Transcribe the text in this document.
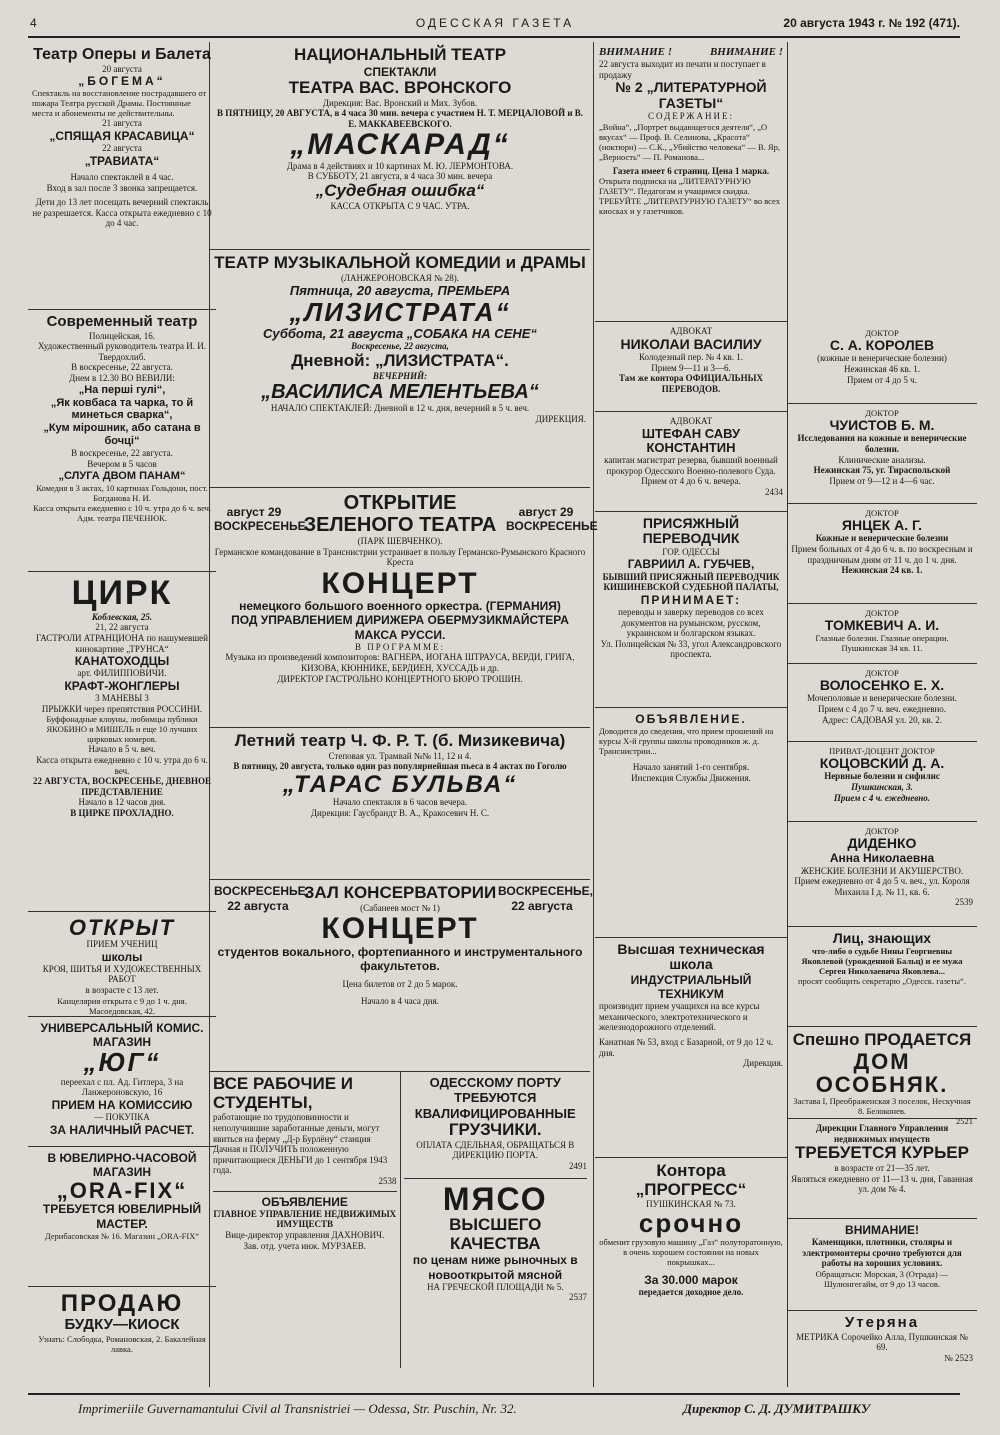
4	ОДЕССКАЯ ГАЗЕТА	20 августа 1943 г. № 192 (471).
Театр Оперы и Балета
20 августа
„БОГЕМА“
Спектакль на восстановление пострадавшего от пожара Театра русской Драмы. Постоянные места и абонементы не действительны.
21 августа
„СПЯЩАЯ КРАСАВИЦА“
22 августа
„ТРАВИАТА“
Начало спектаклей в 4 час.
Вход в зал после 3 звонка запрещается.
Дети до 13 лет посещать вечерний спектакль не разрешается. Касса открыта ежедневно с 10 до 4 час.
Современный театр
Полицейская, 16.
Художественный руководитель театра И. И. Твердохлиб.
В воскресенье, 22 августа.
Днем в 12.30 ВО ВЕВИЛИ:
„На перші гулі“,
„Як ковбаса та чарка, то й минеться сварка“,
„Кум мірошник, або сатана в бочці“
В воскресенье, 22 августа.
Вечером в 5 часов
„СЛУГА ДВОМ ПАНАМ“
Комедия в 3 актах, 10 картинах Гольдони, пост. Богданова Н. И.
Касса открыта ежедневно с 10 ч. утра до 6 ч. веч.
Адм. театра ПЕЧЕНЮК.
ЦИРК
Коблевская, 25.
21, 22 августа
ГАСТРОЛИ АТРАНЦИОНА по нашумевшей кинокартине „ТРУНСА“
КАНАТОХОДЦЫ
арт. ФИЛИППОВИЧИ.
КРАФТ-ЖОНГЛЕРЫ
3 МАНЕВЫ 3
ПРЫЖКИ через препятствия РОССИНИ.
Буффонадные клоуны, любимцы публики ЯКОБИНО и МИШЕЛЬ и еще 10 лучших цирковых номеров.
Начало в 5 ч. веч.
Касса открыта ежедневно с 10 ч. утра до 6 ч. веч.
22 АВГУСТА, ВОСКРЕСЕНЬЕ, ДНЕВНОЕ ПРЕДСТАВЛЕНИЕ
Начало в 12 часов дня.
В ЦИРКЕ ПРОХЛАДНО.
ОТКРЫТ
ПРИЕМ УЧЕНИЦ
школы
КРОЯ, ШИТЬЯ И ХУДОЖЕСТВЕННЫХ РАБОТ
в возрасте с 13 лет.
Канцелярия открыта с 9 до 1 ч. дня. Масоедовская, 42.
УНИВЕРСАЛЬНЫЙ КОМИС. МАГАЗИН
„ЮГ“
переехал с пл. Ад. Гитлера, 3 на Ланжероновскую, 16
ПРИЕМ НА КОМИССИЮ
— ПОКУПКА
ЗА НАЛИЧНЫЙ РАСЧЕТ.
В ЮВЕЛИРНО-ЧАСОВОЙ МАГАЗИН
„ORA-FIX“
ТРЕБУЕТСЯ ЮВЕЛИРНЫЙ МАСТЕР.
Дерибасовская № 16. Магазин „ORA-FIX“
ПРОДАЮ
БУДКУ—КИОСК
Узнать: Слободка, Романовская, 2. Бакалейная лавка.
НАЦИОНАЛЬНЫЙ ТЕАТР
СПЕКТАКЛИ
ТЕАТРА ВАС. ВРОНСКОГО
Дирекция: Вас. Вронский и Мих. Зубов.
В ПЯТНИЦУ, 20 АВГУСТА, в 4 часа 30 мин. вечера с участием Н. Т. МЕРЦАЛОВОЙ и В. Е. МАККАВЕЕВСКОГО.
„МАСКАРАД“
Драма в 4 действиях и 10 картинах М. Ю. ЛЕРМОНТОВА.
В СУББОТУ, 21 августа, в 4 часа 30 мин. вечера
„Судебная ошибка“
КАССА ОТКРЫТА С 9 ЧАС. УТРА.
ТЕАТР МУЗЫКАЛЬНОЙ КОМЕДИИ и ДРАМЫ
(ЛАНЖЕРОНОВСКАЯ № 28).
Пятница, 20 августа, ПРЕМЬЕРА
„ЛИЗИСТРАТА“
Суббота, 21 августа „СОБАКА НА СЕНЕ“
Воскресенье, 22 августа,
Дневной: „ЛИЗИСТРАТА“.
ВЕЧЕРНИЙ:
„ВАСИЛИСА МЕЛЕНТЬЕВА“
НАЧАЛО СПЕКТАКЛЕЙ: Дневной в 12 ч. дня, вечерний в 5 ч. веч.
ДИРЕКЦИЯ.
август 29 ВОСКРЕСЕНЬЕ
ОТКРЫТИЕ ЗЕЛЕНОГО ТЕАТРА
(ПАРК ШЕВЧЕНКО).
август 29 ВОСКРЕСЕНЬЕ
Германское командование в Транснистрии устраивает в пользу Германско-Румынского Красного Креста
КОНЦЕРТ
немецкого большого военного оркестра. (ГЕРМАНИЯ)
ПОД УПРАВЛЕНИЕМ ДИРИЖЕРА ОБЕРМУЗИКМАЙСТЕРА МАКСА РУССИ.
В ПРОГРАММЕ:
Музыка из произведений композиторов: ВАГНЕРА, ИОГАНА ШТРАУСА, ВЕРДИ, ГРИГА, КИЗОВА, КЮННИКЕ, БЕРДИЕН, ХУССАДЬ и др.
ДИРЕКТОР ГАСТРОЛЬНО КОНЦЕРТНОГО БЮРО ТРОШИН.
Летний театр Ч. Ф. Р. Т. (б. Мизикевича)
Степовая ул. Трамвай №№ 11, 12 и 4.
В пятницу, 20 августа, только один раз популярнейшая пьеса в 4 актах по Гоголю
„ТАРАС БУЛЬВА“
Начало спектакля в 6 часов вечера.
Дирекция: Гаусбрандт В. А., Кракосевич Н. С.
ВОСКРЕСЕНЬЕ, 22 августа
ЗАЛ КОНСЕРВАТОРИИ
(Сабанеев мост № 1)
ВОСКРЕСЕНЬЕ, 22 августа
КОНЦЕРТ
студентов вокального, фортепианного и инструментального факультетов.
Цена билетов от 2 до 5 марок.
Начало в 4 часа дня.
ВСЕ РАБОЧИЕ И СТУДЕНТЫ,
работающие по трудоповинности и неполучившие заработанные деньги, могут явиться на ферму „Д-р Бурлёну“ станция Дачная и ПОЛУЧИТЬ положенную причитающиеся ДЕНЬГИ до 1 сентября 1943 года.
2538
ОБЪЯВЛЕНИЕ
ГЛАВНОЕ УПРАВЛЕНИЕ НЕДВИЖИМЫХ ИМУЩЕСТВ
Вице-директор управления ДАХНОВИЧ.
Зав. отд. учета инж. МУРЗАЕВ.
ОДЕССКОМУ ПОРТУ
ТРЕБУЮТСЯ КВАЛИФИЦИРОВАННЫЕ
ГРУЗЧИКИ.
ОПЛАТА СДЕЛЬНАЯ, ОБРАЩАТЬСЯ В ДИРЕКЦИЮ ПОРТА.
2491
МЯСО
ВЫСШЕГО КАЧЕСТВА
по ценам ниже рыночных в новооткрытой мясной
НА ГРЕЧЕСКОЙ ПЛОЩАДИ № 5.
2537
ВНИМАНИЕ !	ВНИМАНИЕ !
22 августа выходит из печати и поступает в продажу
№ 2 „ЛИТЕРАТУРНОЙ ГАЗЕТЫ“
СОДЕРЖАНИЕ:
„Война“, „Портрет выдающегося деятеля“, „О вкусах“ — Проф. В. Селинова, „Красота“ (ноктюрн) — С.К., „Убийство человека“ — В. Яр, „Верность“ — П. Романова...
Газета имеет 6 страниц. Цена 1 марка.
Открыта подписка на „ЛИТЕРАТУРНУЮ ГАЗЕТУ“. Педагогам и учащимся скидка.
ТРЕБУЙТЕ „ЛИТЕРАТУРНУЮ ГАЗЕТУ“ во всех киосках и у газетчиков.
АДВОКАТ
НИКОЛАИ ВАСИЛИУ
Колодезный пер. № 4 кв. 1.
Прием 9—11 и 3—6.
Там же контора ОФИЦИАЛЬНЫХ ПЕРЕВОДОВ.
АДВОКАТ
ШТЕФАН САВУ КОНСТАНТИН
капитан магистрат резерва, бывший военный прокурор Одесского Военно-полевого Суда.
Прием от 4 до 6 ч. вечера.
2434
ПРИСЯЖНЫЙ ПЕРЕВОДЧИК
ГОР. ОДЕССЫ
ГАВРИИЛ А. ГУБЧЕВ,
БЫВШИЙ ПРИСЯЖНЫЙ ПЕРЕВОДЧИК КИШИНЕВСКОЙ СУДЕБНОЙ ПАЛАТЫ,
ПРИНИМАЕТ:
переводы и заверку переводов со всех документов на румынском, русском, украинском и болгарском языках.
Ул. Полицейская № 33, угол Александровского проспекта.
ОБЪЯВЛЕНИЕ.
Доводится до сведения, что прием прошений на курсы Х-й группы школы проводников ж. д. Транснистрии...
Начало занятий 1-го сентября.
Инспекция Службы Движения.
Высшая техническая школа
ИНДУСТРИАЛЬНЫЙ ТЕХНИКУМ
производит прием учащихся на все курсы механического, электротехнического и железнодорожного отделений.
Канатная № 53, вход с Базарной, от 9 до 12 ч. дня.
Дирекция.
Контора „ПРОГРЕСС“
ПУШКИНСКАЯ № 73.
срочно
обменит грузовую машину „Газ“ полуторатонную, в очень хорошем состоянии на новых покрышках...
За 30.000 марок
передается доходное дело.
ДОКТОР
С. А. КОРОЛЕВ
(кожные и венерические болезни)
Нежинская 46 кв. 1.
Прием от 4 до 5 ч.
ДОКТОР
ЧУИСТОВ Б. М.
Исследования на кожные и венерические болезни.
Клинические анализы.
Нежинская 75, уг. Тираспольской
Прием от 9—12 и 4—6 час.
ДОКТОР
ЯНЦЕК А. Г.
Кожные и венерические болезни
Прием больных от 4 до 6 ч. в. по воскресным и праздничным дням от 11 ч. до 1 ч. дня.
Нежинская 24 кв. 1.
ДОКТОР
ТОМКЕВИЧ А. И.
Глазные болезни. Глазные операции.
Пушкинская 34 кв. 11.
ДОКТОР
ВОЛОСЕНКО Е. Х.
Мочеполовые и венерические болезни.
Прием с 4 до 7 ч. веч. ежедневно.
Адрес: САДОВАЯ ул. 20, кв. 2.
ПРИВАТ-ДОЦЕНТ ДОКТОР
КОЦОВСКИЙ Д. А.
Нервные болезни и сифилис
Пушкинская, 3.
Прием с 4 ч. ежедневно.
ДОКТОР
ДИДЕНКО
Анна Николаевна
ЖЕНСКИЕ БОЛЕЗНИ И АКУШЕРСТВО.
Прием ежедневно от 4 до 5 ч. веч., ул. Короля Михаила I д. № 11, кв. 6.
2539
Лиц, знающих
что-либо о судьбе Нины Георгиевны Яковлевой (урожденной Бальц) и ее мужа Сергея Николаевича Яковлева...
просят сообщить секретарю „Одесск. газеты“.
Спешно ПРОДАЕТСЯ
ДОМ ОСОБНЯК.
Застава I, Преображенская 3 поселок, Нескучная 8. Белоконев.
2521
Дирекции Главного Управления недвижимых имуществ
ТРЕБУЕТСЯ КУРЬЕР
в возрасте от 21—35 лет.
Являться ежедневно от 11—13 ч. дня, Гаванная ул. дом № 4.
ВНИМАНИЕ!
Каменщики, плотники, столяры и электромонтеры срочно требуются для работы на хороших условиях.
Обращаться: Морская, 3 (Отрада) — Шулюнгегайм, от 9 до 13 часов.
Утеряна
МЕТРИКА Сорочейко Алла, Пушкинская № 69.
№ 2523
Imprimeriile Guvernamantului Civil al Transnistriei — Odessa, Str. Puschin, Nr. 32.	Директор С. Д. ДУМИТРАШКУ
